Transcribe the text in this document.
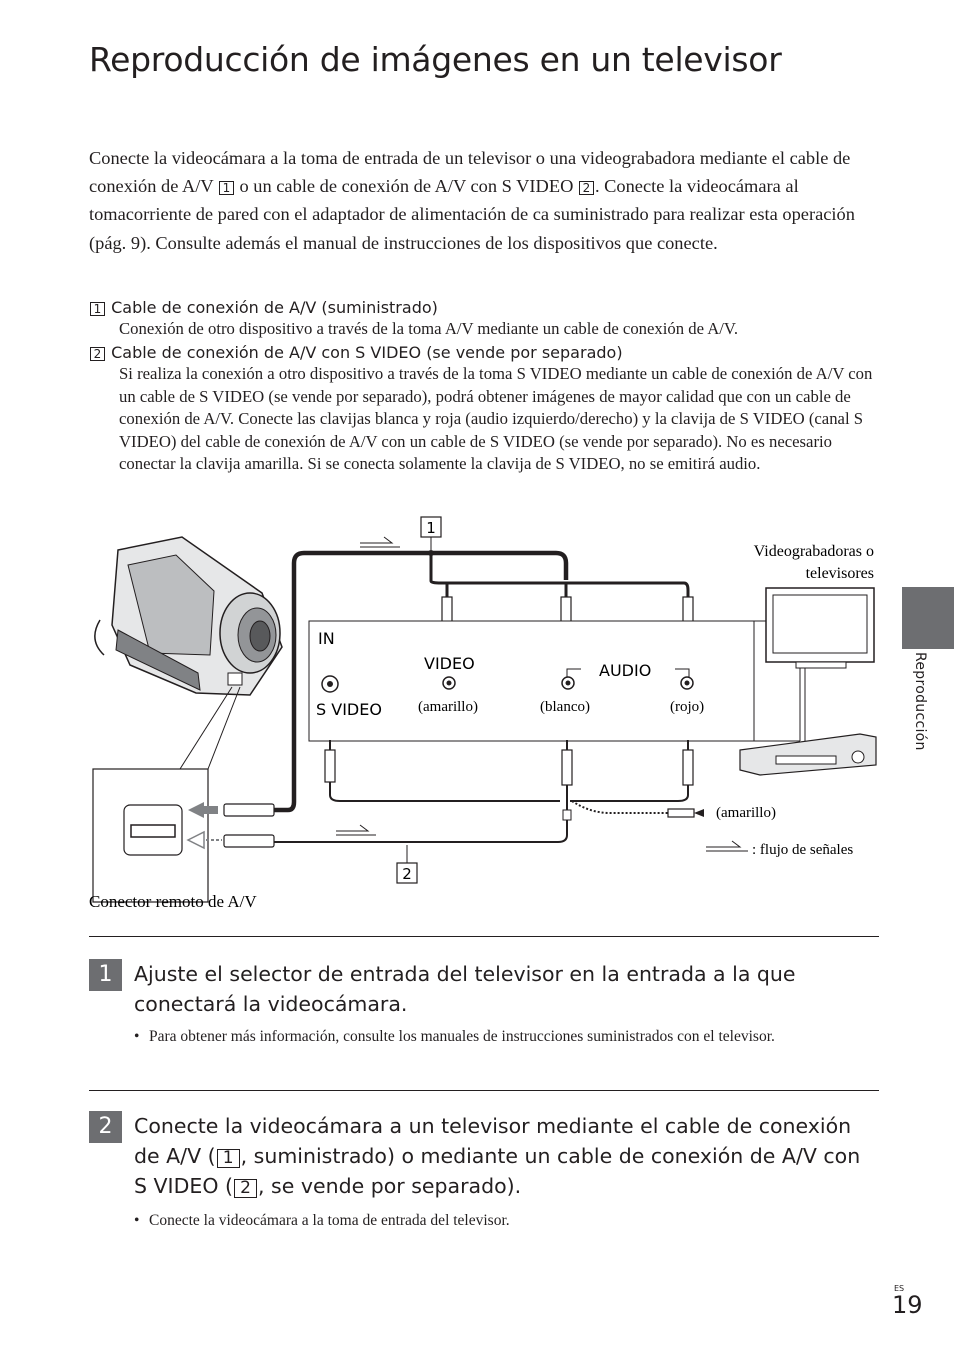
Reproducción de imágenes en un televisor

Conecte la videocámara a la toma de entrada de un televisor o una videograbadora mediante el cable de conexión de A/V 1 o un cable de conexión de A/V con S VIDEO 2 . Conecte la videocámara al tomacorriente de pared con el adaptador de alimentación de ca suministrado para realizar esta operación (pág. 9). Consulte además el manual de instrucciones de los dispositivos que conecte.

1 Cable de conexión de A/V (suministrado)
Conexión de otro dispositivo a través de la toma A/V mediante un cable de conexión de A/V.
2 Cable de conexión de A/V con S VIDEO (se vende por separado)
Si realiza la conexión a otro dispositivo a través de la toma S VIDEO mediante un cable de conexión de A/V con un cable de S VIDEO (se vende por separado), podrá obtener imágenes de mayor calidad que con un cable de conexión de A/V. Conecte las clavijas blanca y roja (audio izquierdo/derecho) y la clavija de S VIDEO (canal S VIDEO) del cable de conexión de A/V con un cable de S VIDEO (se vende por separado). No es necesario conectar la clavija amarilla. Si se conecta solamente la clavija de S VIDEO, no se emitirá audio.
IN
VIDEO	AUDIO
S VIDEO (amarillo)	(blanco)	(rojo)
1
2
Videograbadoras o
televisores
(amarillo)
: flujo de señales
Conector remoto de A/V
Reproducción
1	Ajuste el selector de entrada del televisor en la entrada a la que conectará la videocámara.
• Para obtener más información, consulte los manuales de instrucciones suministrados con el televisor.
2	Conecte la videocámara a un televisor mediante el cable de conexión de A/V ( 1 , suministrado) o mediante un cable de conexión de A/V con S VIDEO ( 2 , se vende por separado).
• Conecte la videocámara a la toma de entrada del televisor.
ES
19
